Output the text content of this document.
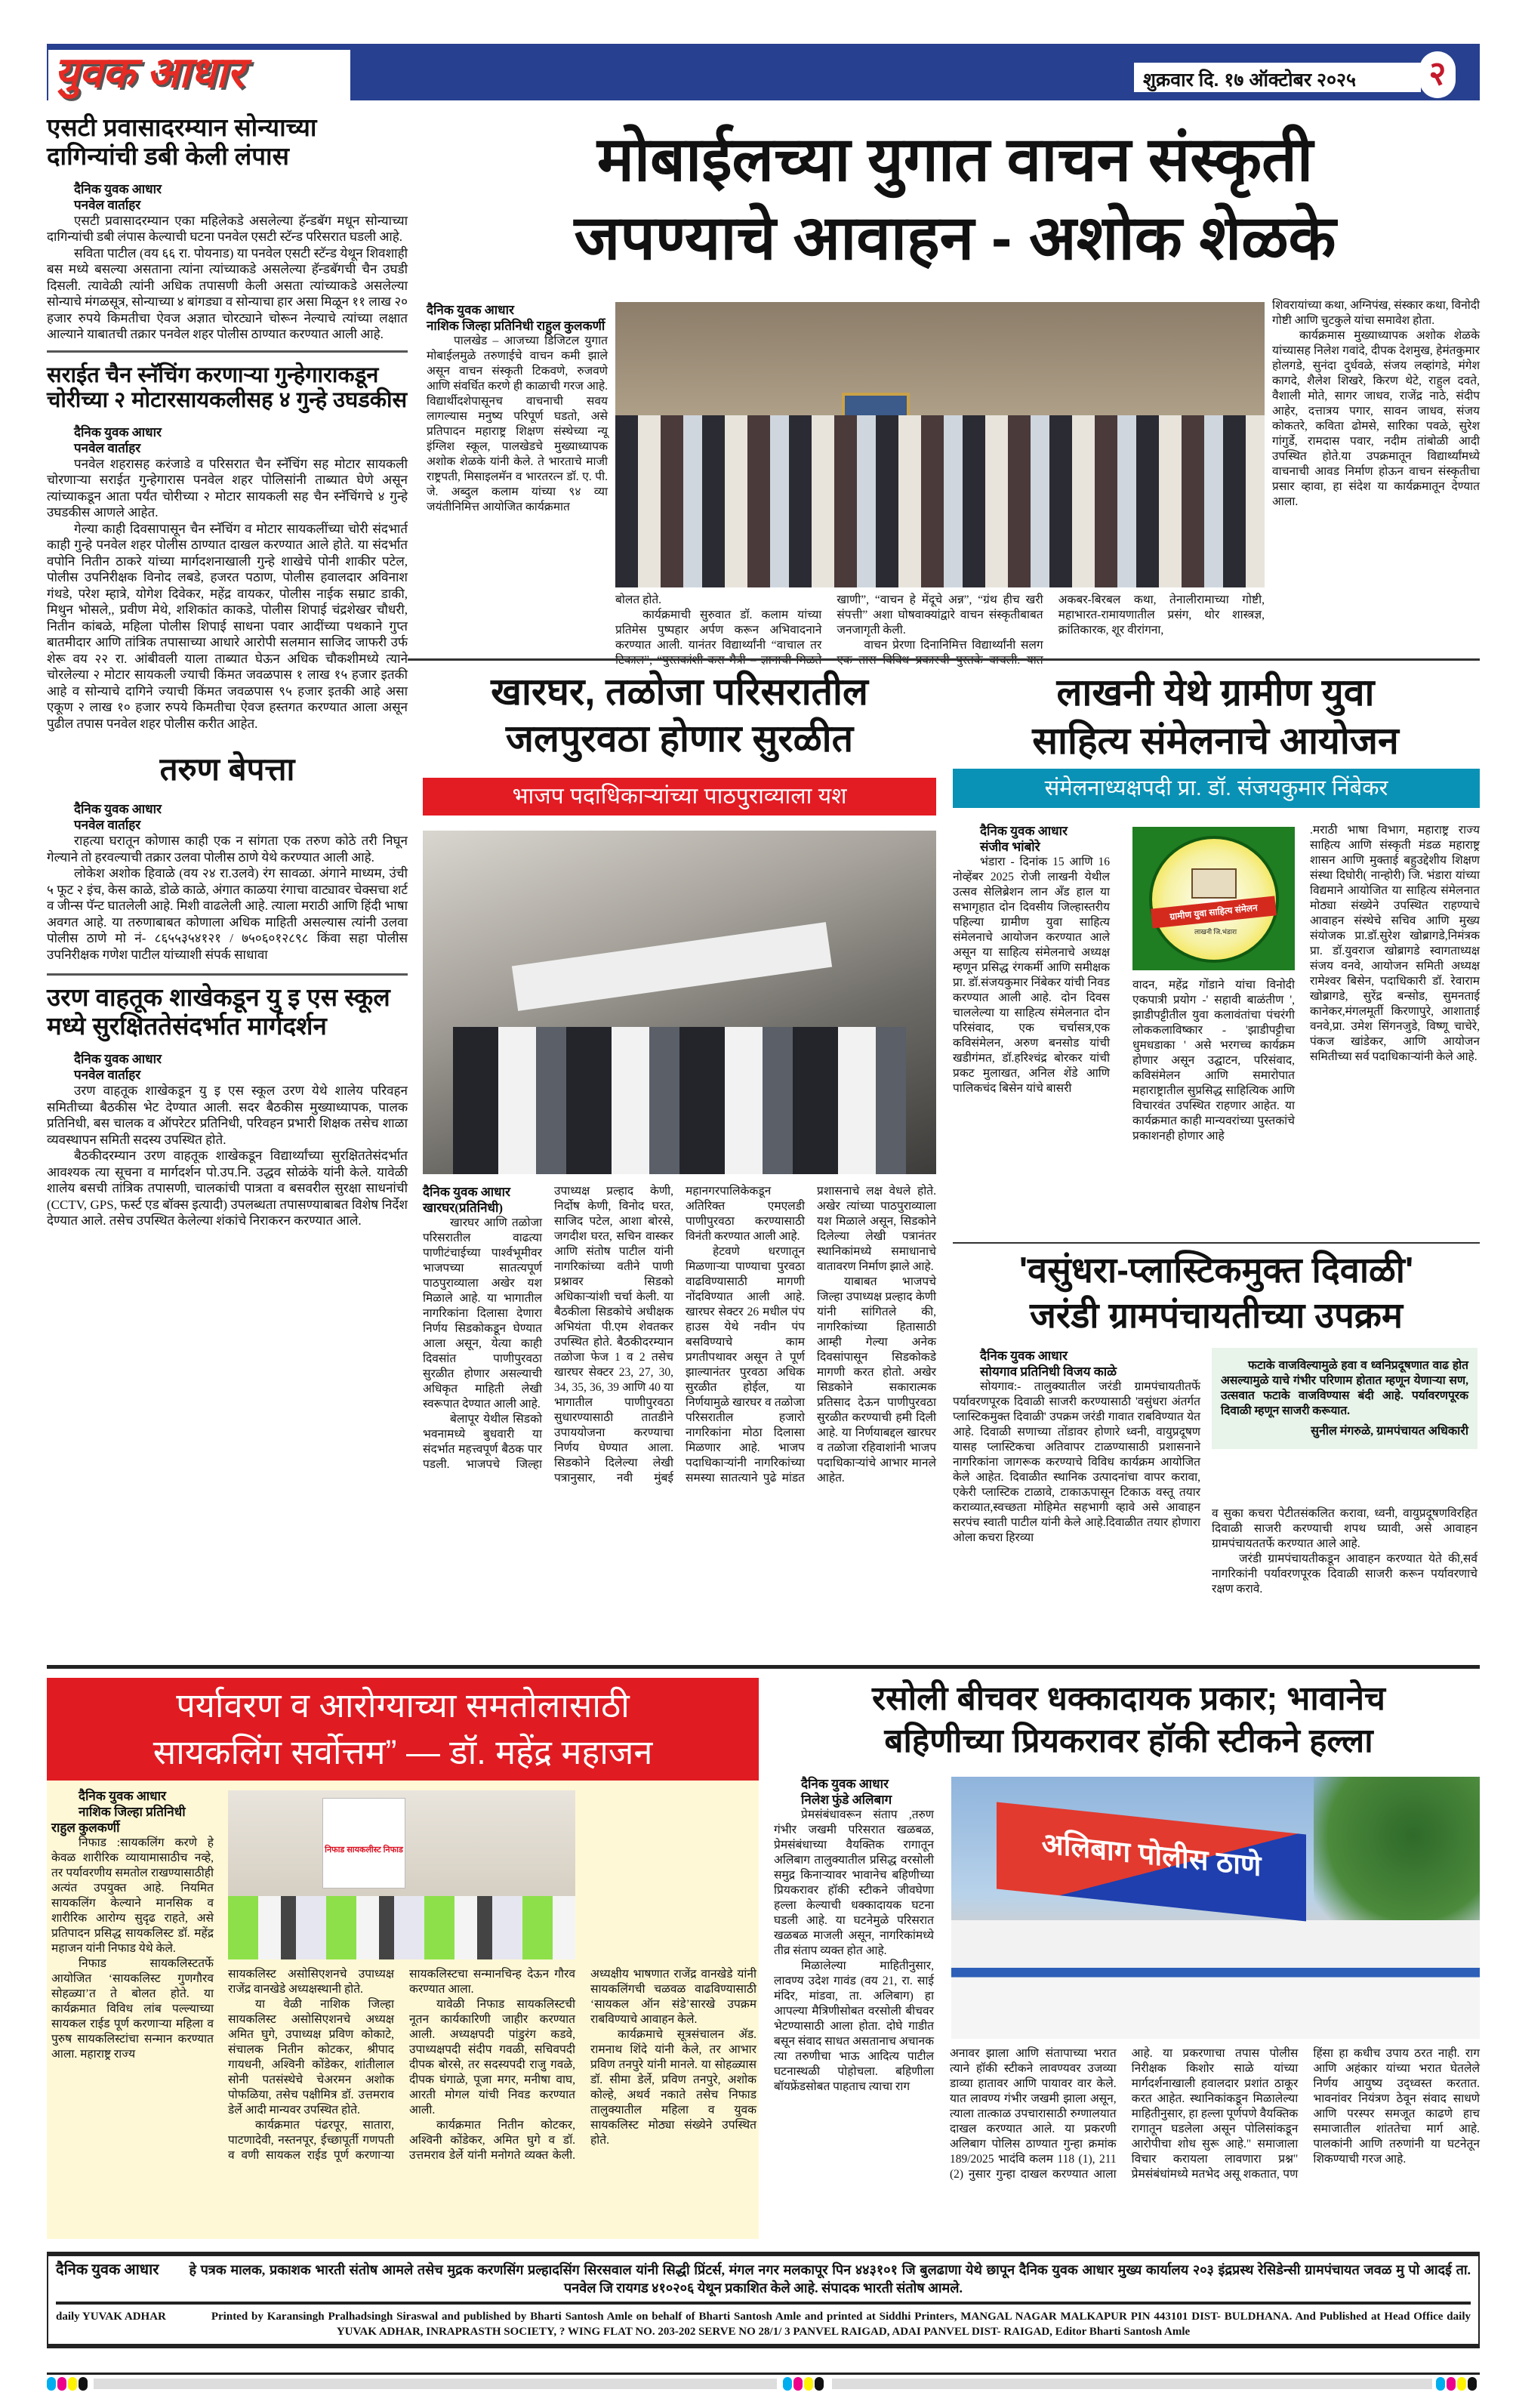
युवक आधार	शुक्रवार दि. १७ ऑक्टोबर २०२५	२
एसटी प्रवासादरम्यान सोन्याच्या दागिन्यांची डबी केली लंपास
दैनिक युवक आधार
पनवेल वार्ताहर

एसटी प्रवासादरम्यान एका महिलेकडे असलेल्या हॅन्डबॅग मधून सोन्याच्या दागिन्यांची डबी लंपास केल्याची घटना पनवेल एसटी स्टॅन्ड परिसरात घडली आहे.

सविता पाटील (वय ६६ रा. पोयनाड) या पनवेल एसटी स्टॅन्ड येथून शिवशाही बस मध्ये बसल्या असताना त्यांना त्यांच्याकडे असलेल्या हॅन्डबॅगची चैन उघडी दिसली. त्यावेळी त्यांनी अधिक तपासणी केली असता त्यांच्याकडे असलेल्या सोन्याचे मंगळसूत्र, सोन्याच्या ४ बांगड्या व सोन्याचा हार असा मिळून ११ लाख २० हजार रुपये किमतीचा ऐवज अज्ञात चोरट्याने चोरून नेल्याचे त्यांच्या लक्षात आल्याने याबातची तक्रार पनवेल शहर पोलीस ठाण्यात करण्यात आली आहे.

सराईत चैन स्नॅचिंग करणाऱ्या गुन्हेगाराकडून चोरीच्या २ मोटारसायकलीसह ४ गुन्हे उघडकीस
दैनिक युवक आधार
पनवेल वार्ताहर

पनवेल शहरासह करंजाडे व परिसरात चैन स्नॅचिंग सह मोटार सायकली चोरणाऱ्या सराईत गुन्हेगारास पनवेल शहर पोलिसांनी ताब्यात घेणे असून त्यांच्याकडून आता पर्यंत चोरीच्या २ मोटार सायकली सह चैन स्नॅचिंगचे ४ गुन्हे उघडकीस आणले आहेत.

गेल्या काही दिवसापासून चैन स्नॅचिंग व मोटार सायकलींच्या चोरी संदभार्त काही गुन्हे पनवेल शहर पोलीस ठाण्यात दाखल करण्यात आले होते. या संदर्भात वपोनि नितीन ठाकरे यांच्या मार्गदशनाखाली गुन्हे शाखेचे पोनी शाकीर पटेल, पोलीस उपनिरीक्षक विनोद लबडे, हजरत पठाण, पोलीस हवालदार अविनाश गंथडे, परेश म्हात्रे, योगेश दिवेकर, महेंद्र वायकर, पोलीस नाईक सम्राट डाकी, मिथुन भोसले,, प्रवीण मेथे, शशिकांत काकडे, पोलीस शिपाई चंद्रशेखर चौधरी, नितीन कांबळे, महिला पोलीस शिपाई साधना पवार आदींच्या पथकाने गुप्त बातमीदार आणि तांत्रिक तपासाच्या आधारे आरोपी सलमान साजिद जाफरी उर्फ शेरू वय २२ रा. आंबीवली याला ताब्यात घेऊन अधिक चौकशीमध्ये त्याने चोरलेल्या २ मोटार सायकली ज्याची किंमत जवळपास १ लाख १५ हजार इतकी आहे व सोन्याचे दागिने ज्याची किंमत जवळपास ९५ हजार इतकी आहे असा एकूण २ लाख १० हजार रुपये किमतीचा ऐवज हस्तगत करण्यात आला असून पुढील तपास पनवेल शहर पोलीस करीत आहेत.

तरुण बेपत्ता
दैनिक युवक आधार
पनवेल वार्ताहर

राहत्या घरातून कोणास काही एक न सांगता एक तरुण कोठे तरी निघून गेल्याने तो हरवल्याची तक्रार उलवा पोलीस ठाणे येथे करण्यात आली आहे.

लोकेश अशोक हिवाळे (वय २४ रा.उलवे) रंग सावळा. अंगाने माध्यम, उंची ५ फूट २ इंच, केस काळे, डोळे काळे, अंगात काळया रंगाचा वाट्यावर चेक्सचा शर्ट व जीन्स पॅन्ट घातलेली आहे. मिशी वाढलेली आहे. त्याला मराठी आणि हिंदी भाषा अवगत आहे. या तरुणाबाबत कोणाला अधिक माहिती असल्यास त्यांनी उलवा पोलीस ठाणे मो नं- ८६५५३५४१२१ / ७५०६०१२८९८ किंवा सहा पोलीस उपनिरीक्षक गणेश पाटील यांच्याशी संपर्क साधावा

उरण वाहतूक शाखेकडून यु इ एस स्कूल मध्ये सुरक्षिततेसंदर्भात मार्गदर्शन
दैनिक युवक आधार
पनवेल वार्ताहर

उरण वाहतूक शाखेकडून यु इ एस स्कूल उरण येथे शालेय परिवहन समितीच्या बैठकीस भेट देण्यात आली. सदर बैठकीस मुख्याध्यापक, पालक प्रतिनिधी, बस चालक व ऑपरेटर प्रतिनिधी, परिवहन प्रभारी शिक्षक तसेच शाळा व्यवस्थापन समिती सदस्य उपस्थित होते.

बैठकीदरम्यान उरण वाहतूक शाखेकडून विद्यार्थ्यांच्या सुरक्षिततेसंदर्भात आवश्यक त्या सूचना व मार्गदर्शन पो.उप.नि. उद्धव सोळंके यांनी केले. यावेळी शालेय बसची तांत्रिक तपासणी, चालकांची पात्रता व बसवरील सुरक्षा साधनांची (CCTV, GPS, फर्स्ट एड बॉक्स इत्यादी) उपलब्धता तपासण्याबाबत विशेष निर्देश देण्यात आले. तसेच उपस्थित केलेल्या शंकांचे निराकरन करण्यात आले.

मोबाईलच्या युगात वाचन संस्कृती
जपण्याचे आवाहन - अशोक शेळके
दैनिक युवक आधार
नाशिक जिल्हा प्रतिनिधी राहुल कुलकर्णी

पालखेड – आजच्या डिजिटल युगात मोबाईलमुळे तरुणाईचे वाचन कमी झाले असून वाचन संस्कृती टिकवणे, रुजवणे आणि संवर्धित करणे ही काळाची गरज आहे. विद्यार्थीदशेपासूनच वाचनाची सवय लागल्यास मनुष्य परिपूर्ण घडतो, असे प्रतिपादन महाराष्ट्र शिक्षण संस्थेच्या न्यू इंग्लिश स्कूल, पालखेडचे मुख्याध्यापक अशोक शेळके यांनी केले. ते भारताचे माजी राष्ट्रपती, मिसाइलमॅन व भारतरत्न डॉ. ए. पी. जे. अब्दुल कलाम यांच्या ९४ व्या जयंतीनिमित्त आयोजित कार्यक्रमात

बोलत होते.

कार्यक्रमाची सुरुवात डॉ. कलाम यांच्या प्रतिमेस पुष्पहार अर्पण करून अभिवादनाने करण्यात आली. यानंतर विद्यार्थ्यांनी “वाचाल तर खाणी”, “वाचन हे मेंदूचे अन्न”, “ग्रंथ हीच खरी संपत्ती” अशा घोषवाक्यांद्वारे वाचन संस्कृतीबाबत जनजागृती केली.

वाचन प्रेरणा दिनानिमित्त विद्यार्थ्यांनी सलग अकबर-बिरबल कथा, तेनालीरामाच्या गोष्टी, महाभारत-रामायणातील प्रसंग, थोर शास्त्रज्ञ, क्रांतिकारक, शूर वीरांगना,

शिवरायांच्या कथा, अग्निपंख, संस्कार कथा, विनोदी गोष्टी आणि चुटकुले यांचा समावेश होता.

कार्यक्रमास मुख्याध्यापक अशोक शेळके यांच्यासह निलेश गवांदे, दीपक देशमुख, हेमंतकुमार होलगडे, सुनंदा दुर्धवळे, संजय लव्हांगडे, मंगेश कागदे, शैलेश शिखरे, किरण थेटे, राहुल दवते, वैशाली मोते, सागर जाधव, राजेंद्र नाठे, संदीप आहेर, दत्तात्रय पगार, सावन जाधव, संजय कोकतरे, कविता ढोमसे, सारिका पवळे, सुरेश गांगुर्डे, रामदास पवार, नदीम तांबोळी आदी उपस्थित होते.या उपक्रमातून विद्यार्थ्यांमध्ये वाचनाची आवड निर्माण होऊन वाचन संस्कृतीचा प्रसार व्हावा, हा संदेश या कार्यक्रमातून देण्यात आला.

खारघर, तळोजा परिसरातील
जलपुरवठा होणार सुरळीत
भाजप पदाधिकाऱ्यांच्या पाठपुराव्याला यश
दैनिक युवक आधार
खारघर(प्रतिनिधी)

खारघर आणि तळोजा परिसरातील वाढत्या पाणीटंचाईच्या पार्श्वभूमीवर भाजपच्या सातत्यपूर्ण पाठपुराव्याला अखेर यश मिळाले आहे. या भागातील नागरिकांना दिलासा देणारा निर्णय सिडकोकडून घेण्यात आला असून, येत्या काही दिवसांत पाणीपुरवठा सुरळीत होणार असल्याची अधिकृत माहिती लेखी स्वरूपात देण्यात आली आहे.

बेलापूर येथील सिडको भवनामध्ये बुधवारी या संदर्भात महत्त्वपूर्ण बैठक पार पडली. भाजपचे जिल्हा उपाध्यक्ष प्रल्हाद केणी, निर्दोष केणी, विनोद घरत, साजिद पटेल, आशा बोरसे, जगदीश घरत, सचिन वास्कर आणि संतोष पाटील यांनी नागरिकांच्या वतीने पाणी प्रश्नावर सिडको अधिकाऱ्यांशी चर्चा केली. या बैठकीला सिडकोचे अधीक्षक अभियंता पी.एम शेवतकर उपस्थित होते. बैठकीदरम्यान तळोजा फेज 1 व 2 तसेच खारघर सेक्टर 23, 27, 30, 34, 35, 36, 39 आणि 40 या भागातील पाणीपुरवठा सुधारण्यासाठी तातडीने उपाययोजना करण्याचा निर्णय घेण्यात आला. सिडकोने दिलेल्या लेखी पत्रानुसार, नवी मुंबई महानगरपालिकेकडून अतिरिक्त एमएलडी पाणीपुरवठा करण्यासाठी विनंती करण्यात आली आहे.

हेटवणे धरणातून मिळणाऱ्या पाण्याचा पुरवठा वाढविण्यासाठी मागणी नोंदविण्यात आली आहे. खारघर सेक्टर 26 मधील पंप हाउस येथे नवीन पंप बसविण्याचे काम प्रगतीपथावर असून ते पूर्ण झाल्यानंतर पुरवठा अधिक सुरळीत होईल, या निर्णयामुळे खारघर व तळोजा परिसरातील हजारो नागरिकांना मोठा दिलासा मिळणार आहे. भाजप पदाधिकाऱ्यांनी नागरिकांच्या समस्या सातत्याने पुढे मांडत प्रशासनाचे लक्ष वेधले होते. अखेर त्यांच्या पाठपुराव्याला यश मिळाले असून, सिडकोने दिलेल्या लेखी पत्रानंतर स्थानिकांमध्ये समाधानाचे वातावरण निर्माण झाले आहे.

याबाबत भाजपचे जिल्हा उपाध्यक्ष प्रल्हाद केणी यांनी सांगितले की, नागरिकांच्या हितासाठी आम्ही गेल्या अनेक दिवसांपासून सिडकोकडे मागणी करत होतो. अखेर सिडकोने सकारात्मक प्रतिसाद देऊन पाणीपुरवठा सुरळीत करण्याची हमी दिली आहे. या निर्णयाबद्दल खारघर व तळोजा रहिवाशांनी भाजप पदाधिकाऱ्यांचे आभार मानले आहेत.

लाखनी येथे ग्रामीण युवा
साहित्य संमेलनाचे आयोजन
संमेलनाध्यक्षपदी प्रा. डॉ. संजयकुमार निंबेकर
दैनिक युवक आधार
संजीव भांबोरे

भंडारा - दिनांक 15 आणि 16 नोव्हेंबर 2025 रोजी लाखनी येथील उत्सव सेलिब्रेशन लान अँड हाल या सभागृहात दोन दिवसीय जिल्हास्तरीय पहिल्या ग्रामीण युवा साहित्य संमेलनाचे आयोजन करण्यात आले असून या साहित्य संमेलनाचे अध्यक्ष म्हणून प्रसिद्ध रंगकर्मी आणि समीक्षक प्रा. डॉ.संजयकुमार निंबेकर यांची निवड करण्यात आली आहे. दोन दिवस चाललेल्या या साहित्य संमेलनात दोन परिसंवाद, एक चर्चासत्र,एक कविसंमेलन, अरुण बनसोड यांची खडीगंमत, डॉ.हरिश्चंद्र बोरकर यांची प्रकट मुलाखत, अनिल शेंडे आणि पालिकचंद बिसेन यांचे बासरी

ग्रामीण युवा साहित्य संमेलन
लाखनी जि.भंडारा

वादन, महेंद्र गोंडाने यांचा विनोदी एकपात्री प्रयोग -' सहावी बाळंतीण ', झाडीपट्टीतील युवा कलावंतांचा पंचरंगी लोककलाविष्कार - 'झाडीपट्टीचा धुमधडाका ' असे भरगच्च कार्यक्रम होणार असून उद्घाटन, परिसंवाद, कविसंमेलन आणि समारोपात महाराष्ट्रातील सुप्रसिद्ध साहित्यिक आणि विचारवंत उपस्थित राहणार आहेत. या कार्यक्रमात काही मान्यवरांच्या पुस्तकांचे प्रकाशनही होणार आहे

.मराठी भाषा विभाग, महाराष्ट्र राज्य साहित्य आणि संस्कृती मंडळ महाराष्ट्र शासन आणि मुक्ताई बहुउद्देशीय शिक्षण संस्था दिघोरी( नान्होरी) जि. भंडारा यांच्या विद्यमाने आयोजित या साहित्य संमेलनात मोठ्या संख्येने उपस्थित राहण्याचे आवाहन संस्थेचे सचिव आणि मुख्य संयोजक प्रा.डॉ.सुरेश खोब्रागडे,निमंत्रक प्रा. डॉ.युवराज खोब्रागडे स्वागताध्यक्ष संजय वनवे, आयोजन समिती अध्यक्ष रामेश्वर बिसेन, पदाधिकारी डॉ. रेवाराम खोब्रागडे, सुरेंद्र बन्सोड, सुमनताई कानेकर,मंगलमूर्ती किरणापुरे, आशाताई वनवे,प्रा. उमेश सिंगनजुडे, विष्णू चाचेरे, पंकज खांडेकर, आणि आयोजन समितीच्या सर्व पदाधिकाऱ्यांनी केले आहे.

'वसुंधरा-प्लास्टिकमुक्त दिवाळी'
जरंडी ग्रामपंचायतीच्या उपक्रम
दैनिक युवक आधार
सोयगाव प्रतिनिधी विजय काळे

सोयगाव:- तालुक्यातील जरंडी ग्रामपंचायतीतर्फे पर्यावरणपूरक दिवाळी साजरी करण्यासाठी 'वसुंधरा अंतर्गत प्लास्टिकमुक्त दिवाळी' उपक्रम जरंडी गावात राबविण्यात येत आहे. दिवाळी सणाच्या तोंडावर होणारे ध्वनी, वायुप्रदूषण यासह प्लास्टिकचा अतिवापर टाळण्यासाठी प्रशासनाने नागरिकांना जागरूक करण्याचे विविध कार्यक्रम आयोजित केले आहेत. दिवाळीत स्थानिक उत्पादनांचा वापर करावा, एकेरी प्लास्टिक टाळावे, टाकाऊपासून टिकाऊ वस्तू तयार कराव्यात,स्वच्छता मोहिमेत सहभागी व्हावे असे आवाहन सरपंच स्वाती पाटील यांनी केले आहे.दिवाळीत तयार होणारा ओला कचरा हिरव्या

फटाके वाजविल्यामुळे हवा व ध्वनिप्रदूषणात वाढ होत असल्यामुळे याचे गंभीर परिणाम होतात म्हणून येणाऱ्या सण, उत्सवात फटाके वाजविण्यास बंदी आहे. पर्यावरणपूरक दिवाळी म्हणून साजरी करूयात.

सुनील मंगरुळे, ग्रामपंचायत अधिकारी

व सुका कचरा पेटीतसंकलित करावा, ध्वनी, वायुप्रदूषणविरहित दिवाळी साजरी करण्याची शपथ घ्यावी, असे आवाहन ग्रामपंचायततर्फे करण्यात आले आहे.

जरंडी ग्रामपंचायतीकडून आवाहन करण्यात येते की,सर्व नागरिकांनी पर्यावरणपूरक दिवाळी साजरी करून पर्यावरणाचे रक्षण करावे.

पर्यावरण व आरोग्याच्या समतोलासाठी
सायकलिंग सर्वोत्तम” — डॉ. महेंद्र महाजन
दैनिक युवक आधार
नाशिक जिल्हा प्रतिनिधी
राहुल कुलकर्णी

निफाड :सायकलिंग करणे हे केवळ शारीरिक व्यायामासाठीच नव्हे, तर पर्यावरणीय समतोल राखण्यासाठीही अत्यंत उपयुक्त आहे. नियमित सायकलिंग केल्याने मानसिक व शारीरिक आरोग्य सुदृढ राहते, असे प्रतिपादन प्रसिद्ध सायकलिस्ट डॉ. महेंद्र महाजन यांनी निफाड येथे केले.

निफाड सायकलिस्टतर्फे आयोजित ‘सायकलिस्ट गुणगौरव सोहळ्या’त ते बोलत होते. या कार्यक्रमात विविध लांब पल्ल्याच्या सायकल राईड पूर्ण करणाऱ्या महिला व पुरुष सायकलिस्टांचा सन्मान करण्यात आला. महाराष्ट्र राज्य

निफाड सायकलीस्ट निफाड

सायकलिस्ट असोसिएशनचे उपाध्यक्ष राजेंद्र वानखेडे अध्यक्षस्थानी होते.

या वेळी नाशिक जिल्हा सायकलिस्ट असोसिएशनचे अध्यक्ष अमित घुगे, उपाध्यक्ष प्रविण कोकाटे, संचालक नितीन कोटकर, श्रीपाद गायधनी, अश्विनी कोंडेकर, शांतीलाल सोनी पतसंस्थेचे चेअरमन अशोक पोफळिया, तसेच पक्षीमित्र डॉ. उत्तमराव डेर्ले आदी मान्यवर उपस्थित होते.

कार्यक्रमात पंढरपूर, सातारा, पाटणादेवी, नस्तनपूर, ईच्छापूर्ती गणपती व वणी सायकल राईड पूर्ण करणाऱ्या सायकलिस्टचा सन्मानचिन्ह देऊन गौरव करण्यात आला.

यावेळी निफाड सायकलिस्टची नूतन कार्यकारिणी जाहीर करण्यात आली. अध्यक्षपदी पांडुरंग कडवे, उपाध्यक्षपदी संदीप गवळी, सचिवपदी दीपक बोरसे, तर सदस्यपदी राजु गवळे, दीपक घंगाळे, पूजा मगर, मनीषा वाघ, आरती मोगल यांची निवड करण्यात आली.

कार्यक्रमात नितीन कोटकर, अश्विनी कोंडेकर, अमित घुगे व डॉ. उत्तमराव डेर्ले यांनी मनोगते व्यक्त केली. अध्यक्षीय भाषणात राजेंद्र वानखेडे यांनी सायकलिंगची चळवळ वाढविण्यासाठी ‘सायकल ऑन संडे’सारखे उपक्रम राबविण्याचे आवाहन केले.

कार्यक्रमाचे सूत्रसंचालन ॲड. रामनाथ शिंदे यांनी केले, तर आभार प्रविण तनपुरे यांनी मानले. या सोहळ्यास डॉ. सीमा डेर्ले, प्रविण तनपुरे, अशोक कोल्हे, अथर्व नकाते तसेच निफाड तालुक्यातील महिला व युवक सायकलिस्ट मोठ्या संख्येने उपस्थित होते.

रसोली बीचवर धक्कादायक प्रकार; भावानेच
बहिणीच्या प्रियकरावर हॉकी स्टीकने हल्ला
दैनिक युवक आधार
निलेश फुंडे अलिबाग

प्रेमसंबंधावरून संताप ,तरुण गंभीर जखमी परिसरात खळबळ, प्रेमसंबंधाच्या वैयक्तिक रागातून अलिबाग तालुक्यातील प्रसिद्ध वरसोली समुद्र किनाऱ्यावर भावानेच बहिणीच्या प्रियकरावर हॉकी स्टीकने जीवघेणा हल्ला केल्याची धक्कादायक घटना घडली आहे. या घटनेमुळे परिसरात खळबळ माजली असून, नागरिकांमध्ये तीव्र संताप व्यक्त होत आहे.

मिळालेल्या माहितीनुसार, लावण्य उदेश गावंड (वय 21, रा. साई मंदिर, मांडवा, ता. अलिबाग) हा आपल्या मैत्रिणीसोबत वरसोली बीचवर भेटण्यासाठी आला होता. दोघे गाडीत बसून संवाद साधत असतानाच अचानक त्या तरुणीचा भाऊ आदित्य पाटील घटनास्थळी पोहोचला. बहिणीला बॉयफ्रेंडसोबत पाहताच त्याचा राग

अलिबाग पोलीस ठाणे

अनावर झाला आणि संतापाच्या भरात त्याने हॉकी स्टीकने लावण्यवर उजव्या डाव्या हातावर आणि पायावर वार केले. यात लावण्य गंभीर जखमी झाला असून, त्याला तात्काळ उपचारासाठी रुग्णालयात दाखल करण्यात आले. या प्रकरणी अलिबाग पोलिस ठाण्यात गुन्हा क्रमांक 189/2025 भादंवि कलम 118 (1), 211 (2) नुसार गुन्हा दाखल करण्यात आला आहे. या प्रकरणाचा तपास पोलीस निरीक्षक किशोर साळे यांच्या मार्गदर्शनाखाली हवालदार प्रशांत ठाकूर करत आहेत. स्थानिकांकडून मिळालेल्या माहितीनुसार, हा हल्ला पूर्णपणे वैयक्तिक रागातून घडलेला असून पोलिसांकडून आरोपीचा शोध सुरू आहे." समाजाला विचार करायला लावणारा प्रश्न" प्रेमसंबंधांमध्ये मतभेद असू शकतात, पण हिंसा हा कधीच उपाय ठरत नाही. राग आणि अहंकार यांच्या भरात घेतलेले निर्णय आयुष्य उद्ध्वस्त करतात. भावनांवर नियंत्रण ठेवून संवाद साधणे आणि परस्पर समजूत काढणे हाच समाजातील शांततेचा मार्ग आहे. पालकांनी आणि तरुणांनी या घटनेतून शिकण्याची गरज आहे.

दैनिक युवक आधार हे पत्रक मालक, प्रकाशक भारती संतोष आमले तसेच मुद्रक करणसिंग प्रल्हादसिंग सिरसवाल यांनी सिद्धी प्रिंटर्स, मंगल नगर मलकापूर पिन ४४३१०१ जि बुलढाणा येथे छापून दैनिक युवक आधार मुख्य कार्यालय २०३ इंद्रप्रस्थ रेसिडेन्सी ग्रामपंचायत जवळ मु पो आदई ता. पनवेल जि रायगड ४१०२०६ येथून प्रकाशित केले आहे. संपादक भारती संतोष आमले.
daily YUVAK ADHAR	Printed by Karansingh Pralhadsingh Siraswal and published by Bharti Santosh Amle on behalf of Bharti Santosh Amle and printed at Siddhi Printers, MANGAL NAGAR MALKAPUR PIN 443101 DIST- BULDHANA. And Published at Head Office daily YUVAK ADHAR, INRAPRASTH SOCIETY, ? WING FLAT NO. 203-202 SERVE NO 28/1/ 3 PANVEL RAIGAD, ADAI PANVEL DIST- RAIGAD, Editor Bharti Santosh Amle
